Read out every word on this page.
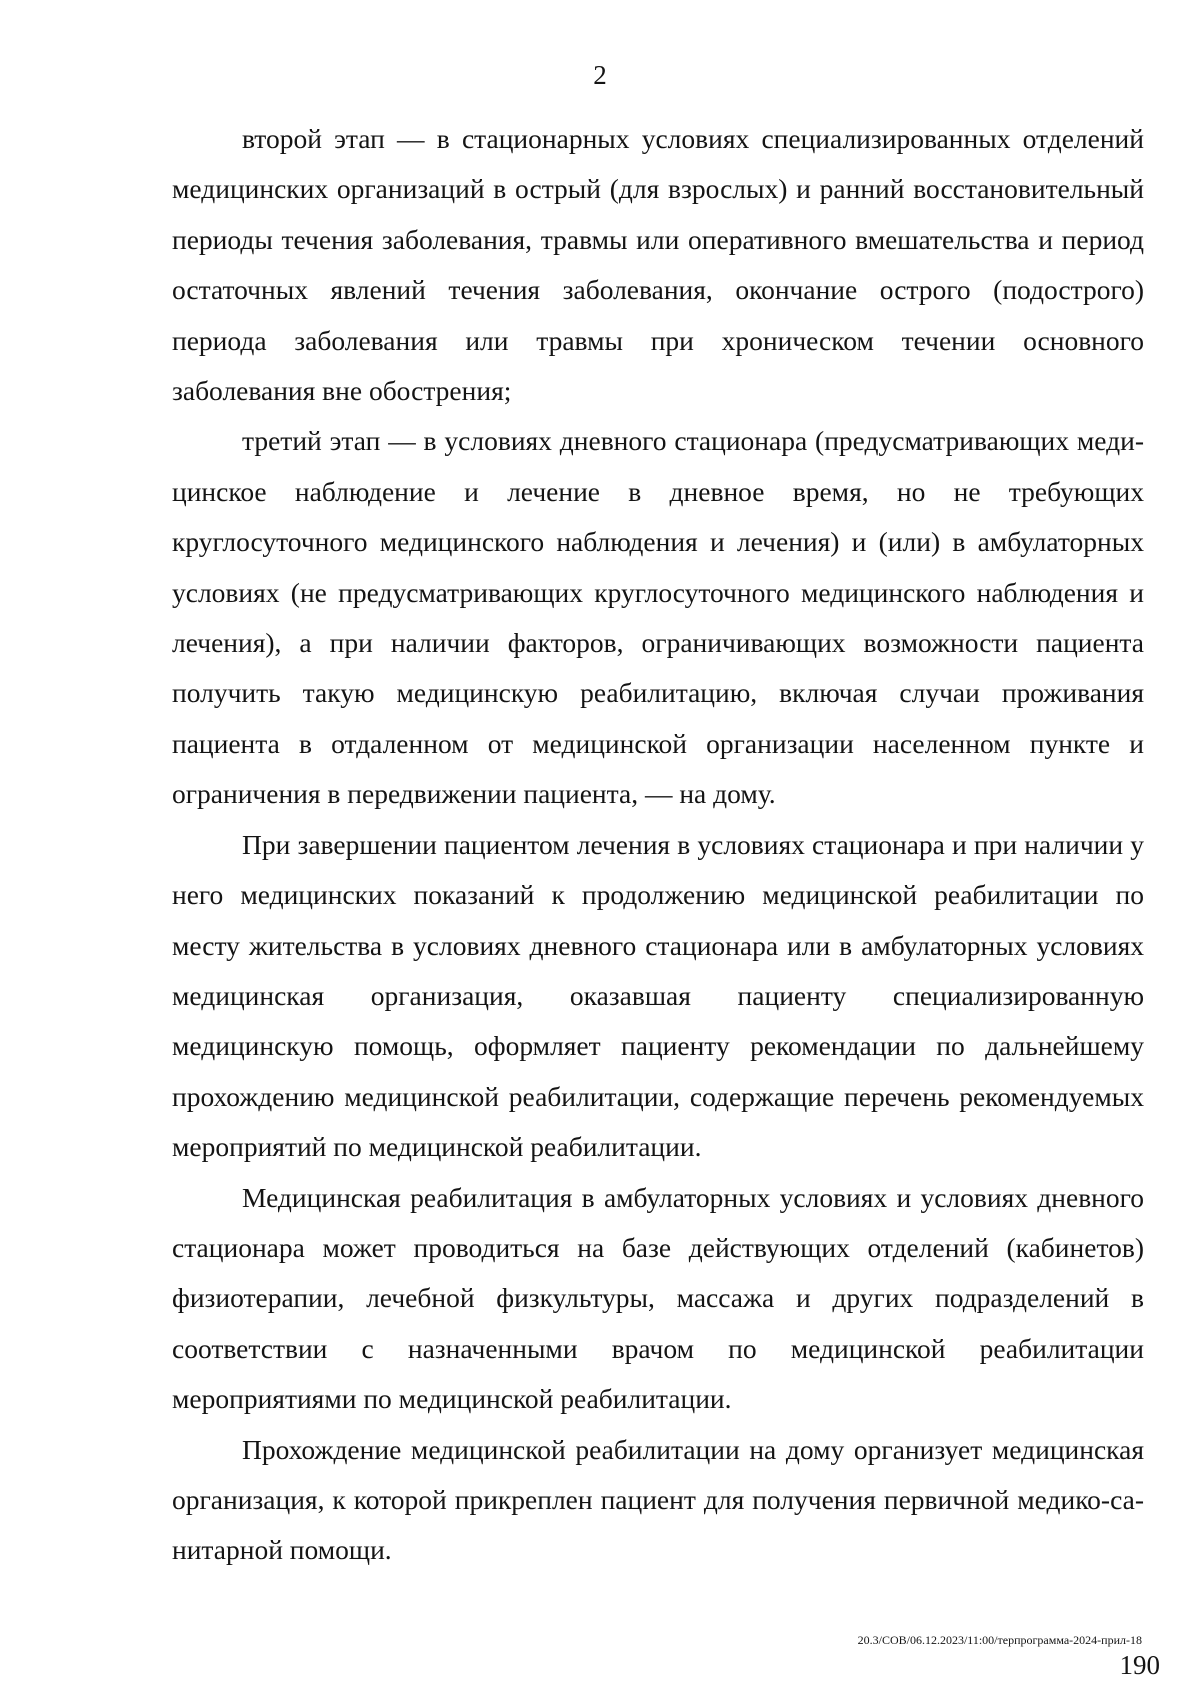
2

второй этап — в стационарных условиях специализированных отделений медицинских организаций в острый (для взрослых) и ранний восстановительный периоды течения заболевания, травмы или оперативного вмешательства и период остаточных явлений течения заболевания, окончание острого (подострого) периода заболевания или травмы при хроническом течении основного заболевания вне обострения;

третий этап — в условиях дневного стационара (предусматривающих медицинское наблюдение и лечение в дневное время, но не требующих круглосуточного медицинского наблюдения и лечения) и (или) в амбулаторных условиях (не предусматривающих круглосуточного медицинского наблюдения и лечения), а при наличии факторов, ограничивающих возможности пациента получить такую медицинскую реабилитацию, включая случаи проживания пациента в отдаленном от медицинской организации населенном пункте и ограничения в передвижении пациента, — на дому.

При завершении пациентом лечения в условиях стационара и при наличии у него медицинских показаний к продолжению медицинской реабилитации по месту жительства в условиях дневного стационара или в амбулаторных условиях медицинская организация, оказавшая пациенту специализированную медицинскую помощь, оформляет пациенту рекомендации по дальнейшему прохождению медицинской реабилитации, содержащие перечень рекомендуемых мероприятий по медицинской реабилитации.

Медицинская реабилитация в амбулаторных условиях и условиях дневного стационара может проводиться на базе действующих отделений (кабинетов) физиотерапии, лечебной физкультуры, массажа и других подразделений в соответствии с назначенными врачом по медицинской реабилитации мероприятиями по медицинской реабилитации.

Прохождение медицинской реабилитации на дому организует медицинская организация, к которой прикреплен пациент для получения первичной медико-санитарной помощи.

20.3/СОВ/06.12.2023/11:00/терпрограмма-2024-прил-18
190
